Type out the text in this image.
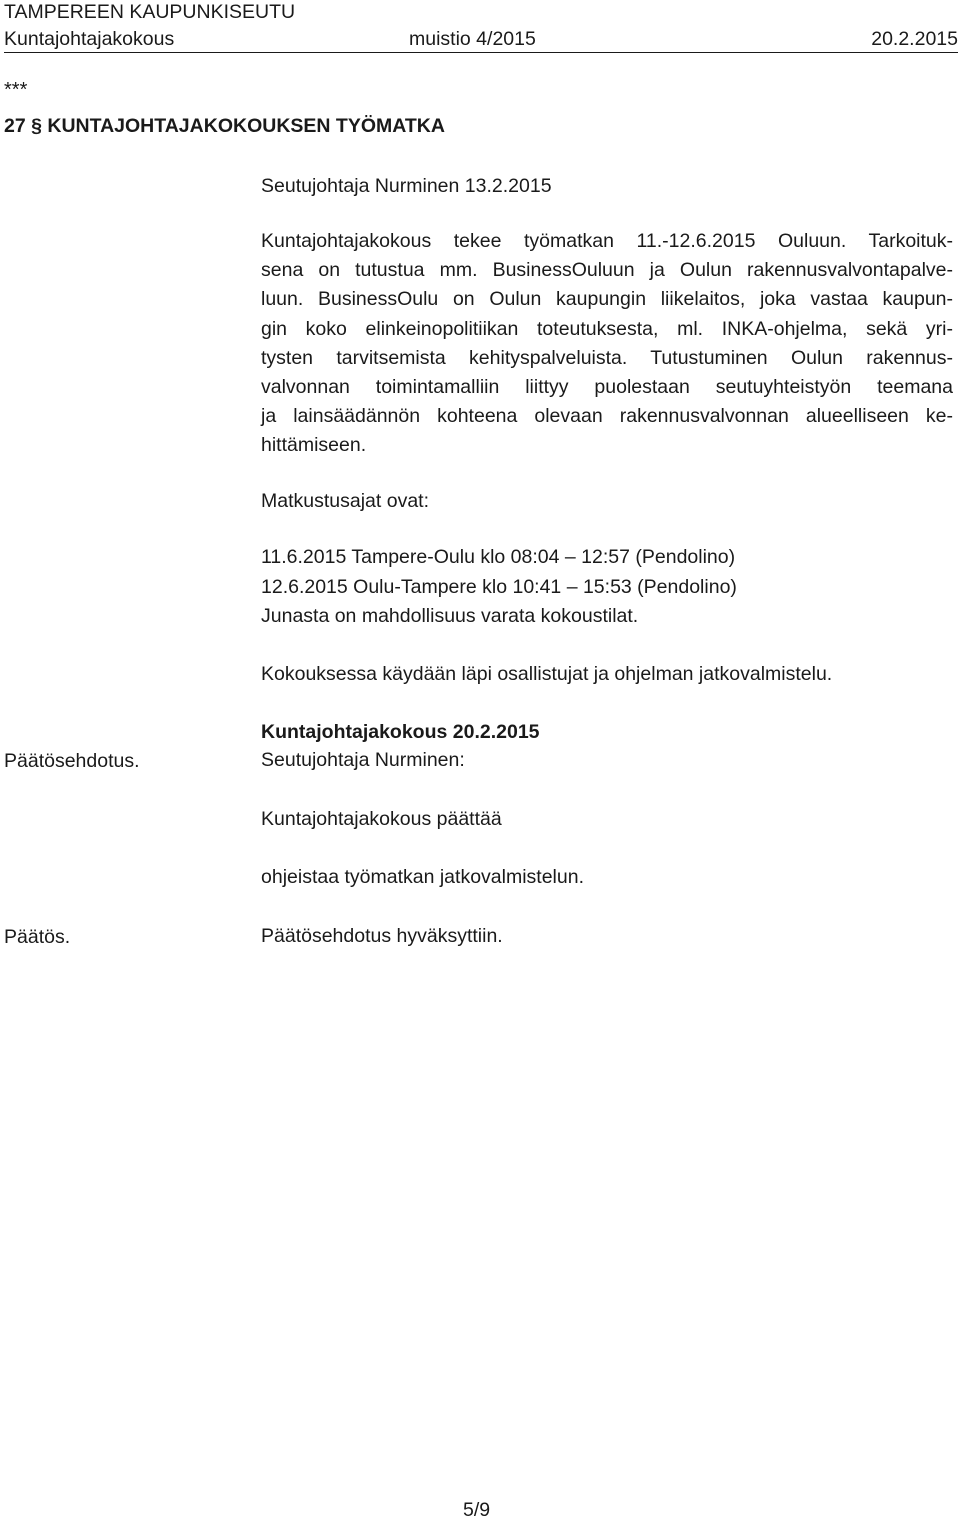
TAMPEREEN KAUPUNKISEUTU
Kuntajohtajakokous	muistio 4/2015	20.2.2015
***
27 § KUNTAJOHTAJAKOKOUKSEN TYÖMATKA
Seutujohtaja Nurminen 13.2.2015
Kuntajohtajakokous tekee työmatkan 11.-12.6.2015 Ouluun. Tarkoituk-
sena on tutustua mm. BusinessOuluun ja Oulun rakennusvalvontapalve-
luun. BusinessOulu on Oulun kaupungin liikelaitos, joka vastaa kaupun-
gin koko elinkeinopolitiikan toteutuksesta, ml. INKA-ohjelma, sekä yri-
tysten tarvitsemista kehityspalveluista. Tutustuminen Oulun rakennus-
valvonnan toimintamalliin liittyy puolestaan seutuyhteistyön teemana
ja lainsäädännön kohteena olevaan rakennusvalvonnan alueelliseen ke-
hittämiseen.
Matkustusajat ovat:
11.6.2015 Tampere-Oulu klo 08:04 – 12:57 (Pendolino)
12.6.2015 Oulu-Tampere klo 10:41 – 15:53 (Pendolino)
Junasta on mahdollisuus varata kokoustilat.
Kokouksessa käydään läpi osallistujat ja ohjelman jatkovalmistelu.
Kuntajohtajakokous 20.2.2015
Päätösehdotus.	Seutujohtaja Nurminen:
Kuntajohtajakokous päättää
ohjeistaa työmatkan jatkovalmistelun.
Päätös.	Päätösehdotus hyväksyttiin.
5/9
